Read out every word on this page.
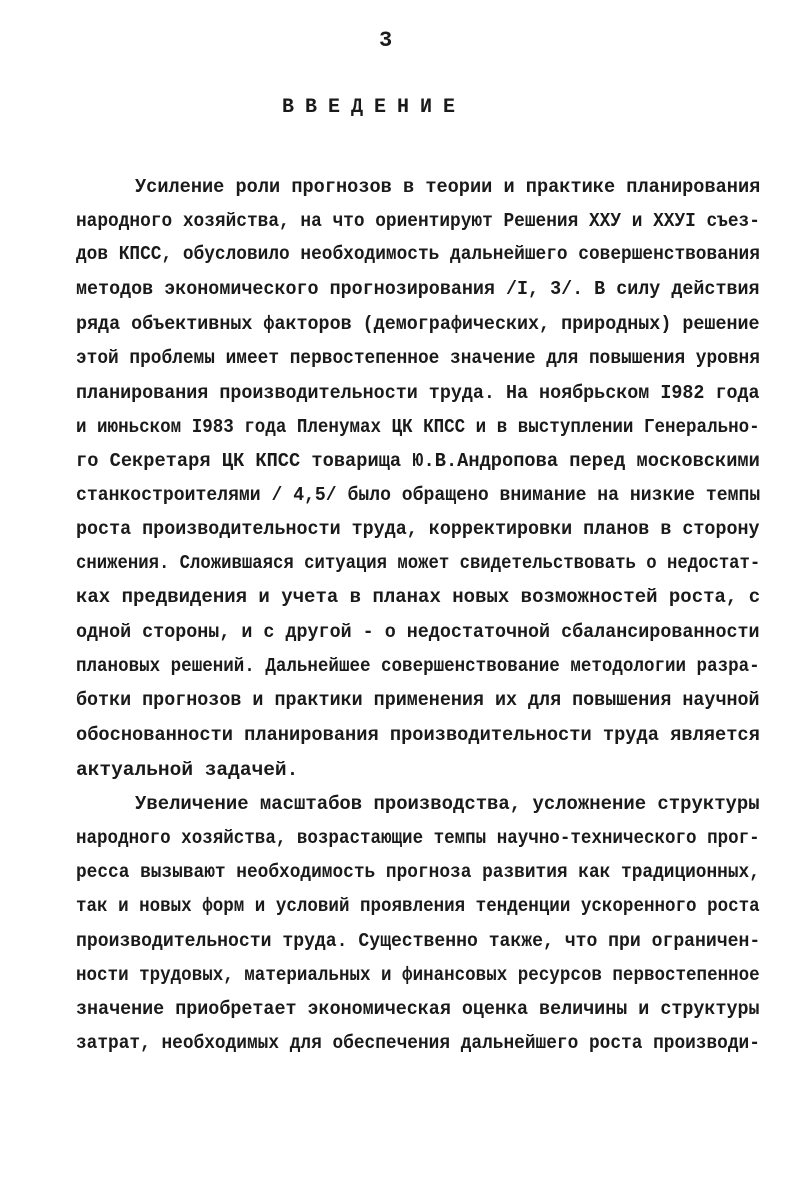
3
ВВЕДЕНИЕ
Усиление роли прогнозов в теории и практике планирования
народного хозяйства, на что ориентируют Решения XXУ и XXУI съез-
дов КПСС, обусловило необходимость дальнейшего совершенствования
методов экономического прогнозирования /I, 3/. В силу действия
ряда объективных факторов (демографических, природных) решение
этой проблемы имеет первостепенное значение для повышения уровня
планирования производительности труда. На ноябрьском I982 года
и июньском I983 года Пленумах ЦК КПСС и в выступлении Генерально-
го Секретаря ЦК КПСС товарища Ю.В.Андропова перед московскими
станкостроителями / 4,5/ было обращено внимание на низкие темпы
роста производительности труда, корректировки планов в сторону
снижения. Сложившаяся ситуация может свидетельствовать о недостат-
ках предвидения и учета в планах новых возможностей роста, с
одной стороны, и с другой - о недостаточной сбалансированности
плановых решений. Дальнейшее совершенствование методологии разра-
ботки прогнозов и практики применения их для повышения научной
обоснованности планирования производительности труда является
актуальной задачей.
Увеличение масштабов производства, усложнение структуры
народного хозяйства, возрастающие темпы научно-технического прог-
ресса вызывают необходимость прогноза развития как традиционных,
так и новых форм и условий проявления тенденции ускоренного роста
производительности труда. Существенно также, что при ограничен-
ности трудовых, материальных и финансовых ресурсов первостепенное
значение приобретает экономическая оценка величины и структуры
затрат, необходимых для обеспечения дальнейшего роста производи-
